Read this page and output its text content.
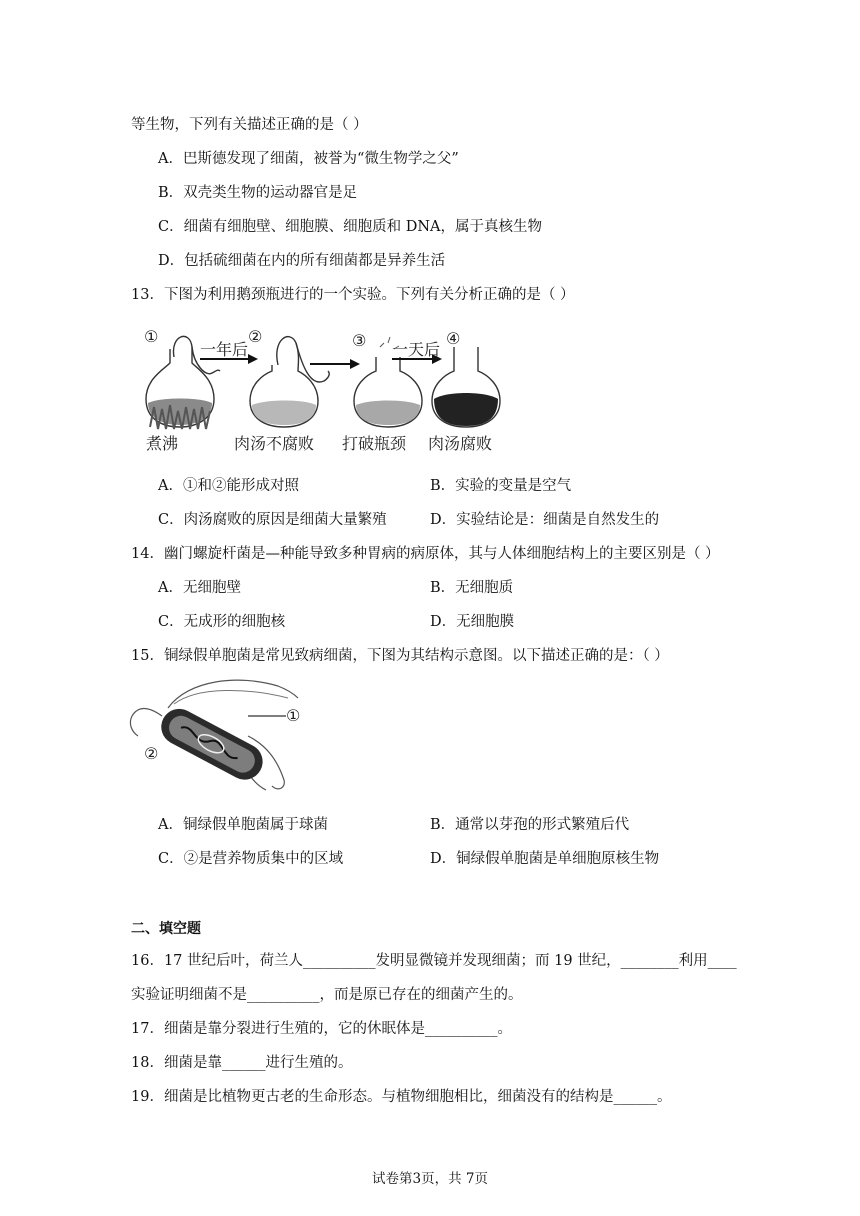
等生物，下列有关描述正确的是（ ）
A．巴斯德发现了细菌，被誉为“微生物学之父”
B．双壳类生物的运动器官是足
C．细菌有细胞壁、细胞膜、细胞质和 DNA，属于真核生物
D．包括硫细菌在内的所有细菌都是异养生活
13．下图为利用鹅颈瓶进行的一个实验。下列有关分析正确的是（ ）
①
一年后
②	③ 一天后
④
煮沸	肉汤不腐败 打破瓶颈 肉汤腐败
A．①和②能形成对照	B．实验的变量是空气
C．肉汤腐败的原因是细菌大量繁殖	D．实验结论是：细菌是自然发生的
14．幽门螺旋杆菌是—种能导致多种胃病的病原体，其与人体细胞结构上的主要区别是（ ）
A．无细胞壁	B．无细胞质
C．无成形的细胞核	D．无细胞膜
15．铜绿假单胞菌是常见致病细菌，下图为其结构示意图。以下描述正确的是：（ ）
①
②
A．铜绿假单胞菌属于球菌	B．通常以芽孢的形式繁殖后代
C．②是营养物质集中的区域	D．铜绿假单胞菌是单细胞原核生物
二、填空题
16．17 世纪后叶，荷兰人__________发明显微镜并发现细菌；而 19 世纪，________利用____
实验证明细菌不是__________，而是原已存在的细菌产生的。
17．细菌是靠分裂进行生殖的，它的休眠体是__________。
18．细菌是靠______进行生殖的。
19．细菌是比植物更古老的生命形态。与植物细胞相比，细菌没有的结构是______。
试卷第3页，共 7页
